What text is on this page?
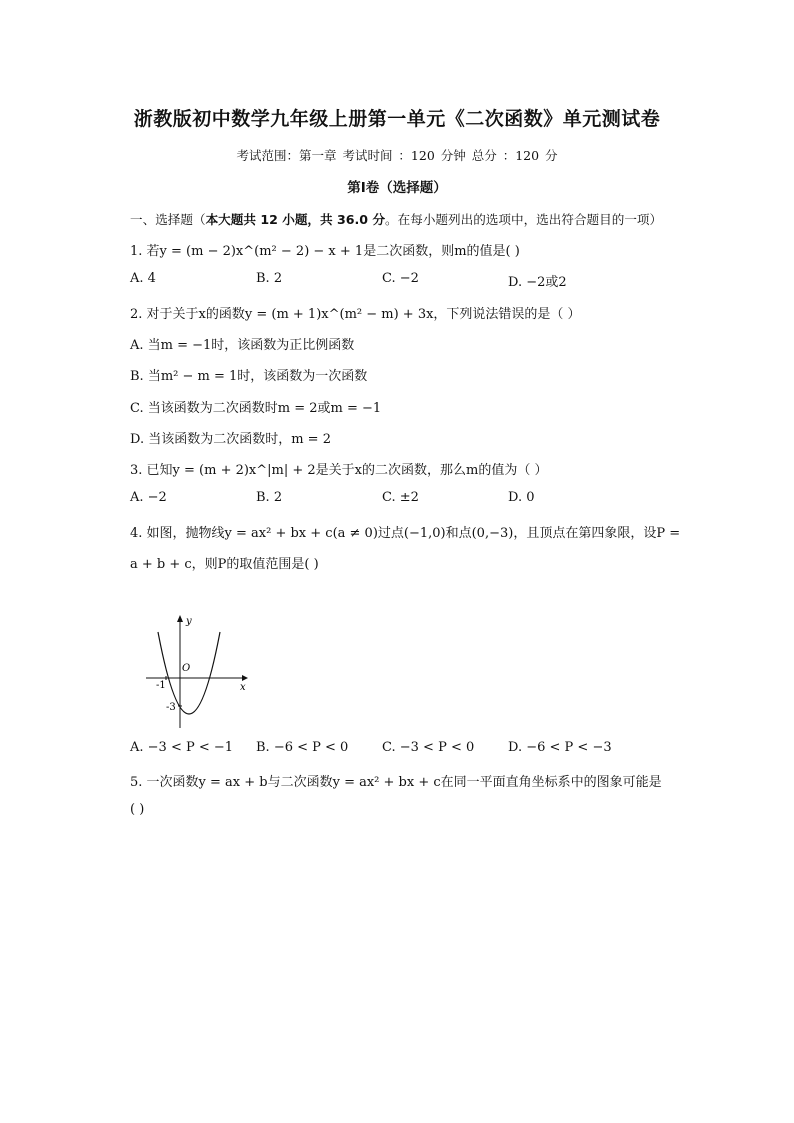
浙教版初中数学九年级上册第一单元《二次函数》单元测试卷
考试范围：第一章 考试时间 ：120 分钟 总分 ：120 分
第Ⅰ卷（选择题）
一、选择题（本大题共 12 小题，共 36.0 分。在每小题列出的选项中，选出符合题目的一项）
1. 若y = (m − 2)x^(m² − 2) − x + 1是二次函数，则m的值是( )
A. 4	B. 2	C. −2	D. −2或2
2. 对于关于x的函数y = (m + 1)x^(m² − m) + 3x，下列说法错误的是（ ）
A. 当m = −1时，该函数为正比例函数
B. 当m² − m = 1时，该函数为一次函数
C. 当该函数为二次函数时m = 2或m = −1
D. 当该函数为二次函数时，m = 2
3. 已知y = (m + 2)x^|m| + 2是关于x的二次函数，那么m的值为（ ）
A. −2	B. 2	C. ±2	D. 0
4. 如图，抛物线y = ax² + bx + c(a ≠ 0)过点(−1,0)和点(0,−3)，且顶点在第四象限，设P =
a + b + c，则P的取值范围是( )
y
x
O
-1
-3
A. −3 < P < −1 B. −6 < P < 0	C. −3 < P < 0	D. −6 < P < −3
5. 一次函数y = ax + b与二次函数y = ax² + bx + c在同一平面直角坐标系中的图象可能是
( )
